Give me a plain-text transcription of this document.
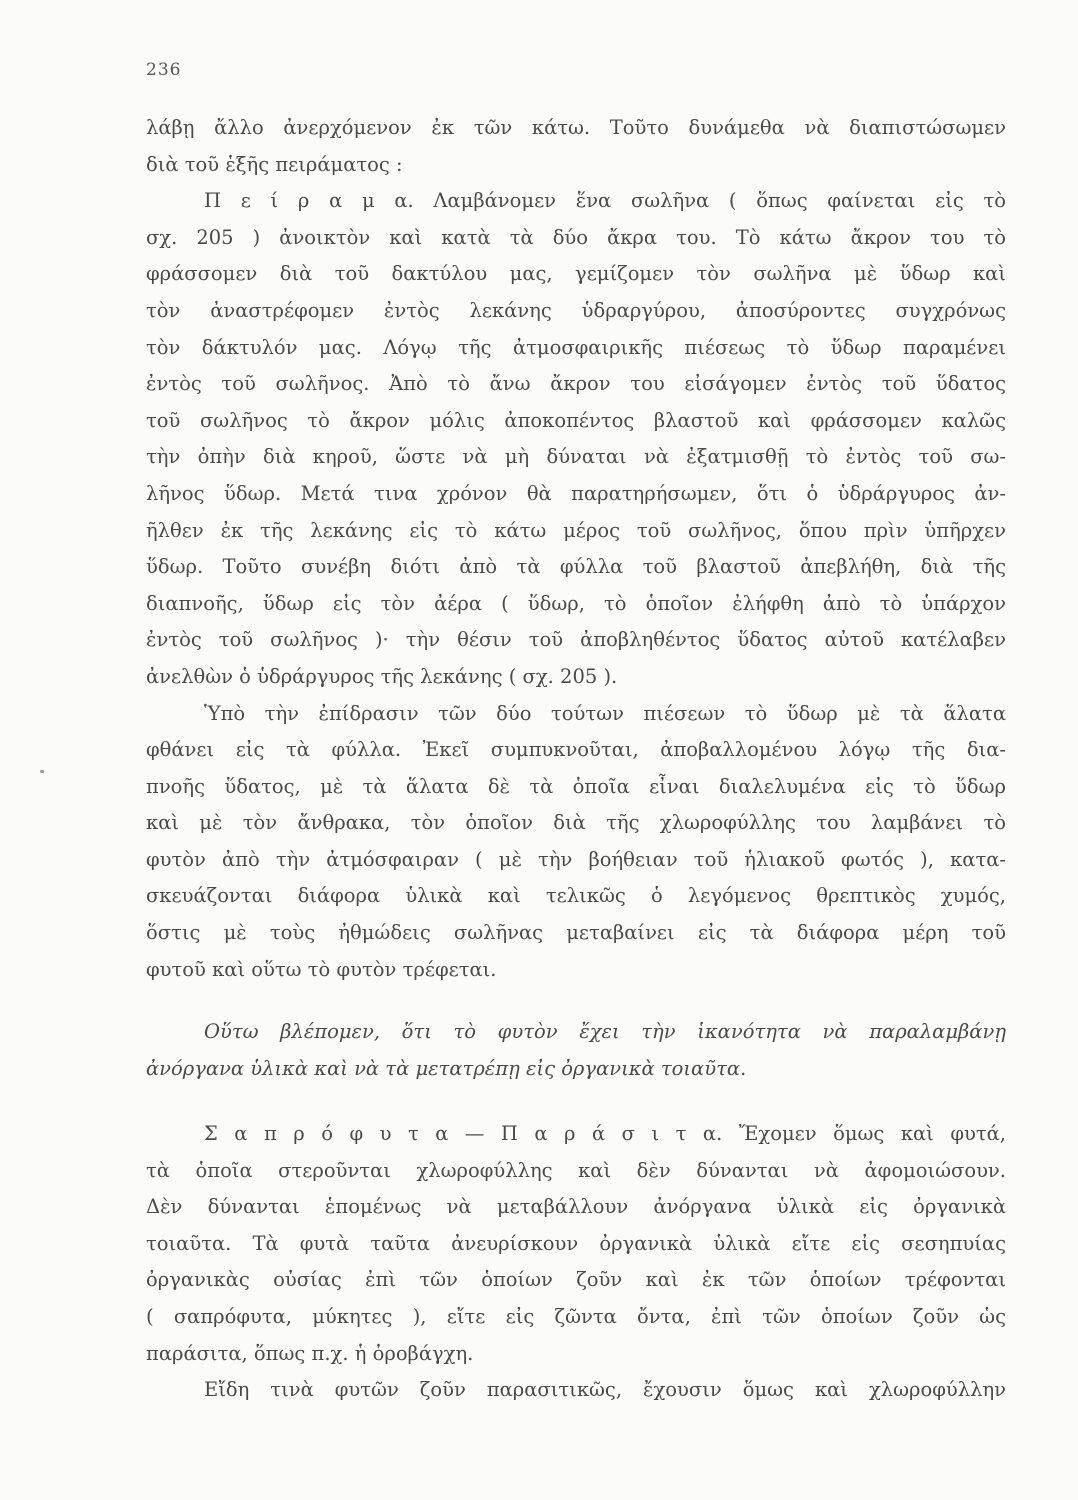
236
λάβῃ ἄλλο ἀνερχόμενον ἐκ τῶν κάτω. Τοῦτο δυνάμεθα νὰ διαπιστώσωμεν
διὰ τοῦ ἑξῆς πειράματος :
Π ε ί ρ α μ α. Λαμβάνομεν ἕνα σωλῆνα ( ὅπως φαίνεται εἰς τὸ
σχ. 205 ) ἀνοικτὸν καὶ κατὰ τὰ δύο ἄκρα του. Τὸ κάτω ἄκρον του τὸ
φράσσομεν διὰ τοῦ δακτύλου μας, γεμίζομεν τὸν σωλῆνα μὲ ὕδωρ καὶ
τὸν ἀναστρέφομεν ἐντὸς λεκάνης ὑδραργύρου, ἀποσύροντες συγχρόνως
τὸν δάκτυλόν μας. Λόγῳ τῆς ἀτμοσφαιρικῆς πιέσεως τὸ ὕδωρ παραμένει
ἐντὸς τοῦ σωλῆνος. Ἀπὸ τὸ ἄνω ἄκρον του εἰσάγομεν ἐντὸς τοῦ ὕδατος
τοῦ σωλῆνος τὸ ἄκρον μόλις ἀποκοπέντος βλαστοῦ καὶ φράσσομεν καλῶς
τὴν ὀπὴν διὰ κηροῦ, ὥστε νὰ μὴ δύναται νὰ ἐξατμισθῇ τὸ ἐντὸς τοῦ σω-
λῆνος ὕδωρ. Μετά τινα χρόνον θὰ παρατηρήσωμεν, ὅτι ὁ ὑδράργυρος ἀν-
ῆλθεν ἐκ τῆς λεκάνης εἰς τὸ κάτω μέρος τοῦ σωλῆνος, ὅπου πρὶν ὑπῆρχεν
ὕδωρ. Τοῦτο συνέβη διότι ἀπὸ τὰ φύλλα τοῦ βλαστοῦ ἀπεβλήθη, διὰ τῆς
διαπνοῆς, ὕδωρ εἰς τὸν ἀέρα ( ὕδωρ, τὸ ὁποῖον ἐλήφθη ἀπὸ τὸ ὑπάρχον
ἐντὸς τοῦ σωλῆνος )· τὴν θέσιν τοῦ ἀποβληθέντος ὕδατος αὐτοῦ κατέλαβεν
ἀνελθὼν ὁ ὑδράργυρος τῆς λεκάνης ( σχ. 205 ).
Ὑπὸ τὴν ἐπίδρασιν τῶν δύο τούτων πιέσεων τὸ ὕδωρ μὲ τὰ ἅλατα
φθάνει εἰς τὰ φύλλα. Ἐκεῖ συμπυκνοῦται, ἀποβαλλομένου λόγῳ τῆς δια-
πνοῆς ὕδατος, μὲ τὰ ἅλατα δὲ τὰ ὁποῖα εἶναι διαλελυμένα εἰς τὸ ὕδωρ
καὶ μὲ τὸν ἄνθρακα, τὸν ὁποῖον διὰ τῆς χλωροφύλλης του λαμβάνει τὸ
φυτὸν ἀπὸ τὴν ἀτμόσφαιραν ( μὲ τὴν βοήθειαν τοῦ ἡλιακοῦ φωτός ), κατα-
σκευάζονται διάφορα ὑλικὰ καὶ τελικῶς ὁ λεγόμενος θρεπτικὸς χυμός,
ὅστις μὲ τοὺς ἠθμώδεις σωλῆνας μεταβαίνει εἰς τὰ διάφορα μέρη τοῦ
φυτοῦ καὶ οὕτω τὸ φυτὸν τρέφεται.
Οὕτω βλέπομεν, ὅτι τὸ φυτὸν ἔχει τὴν ἱκανότητα νὰ παραλαμβάνῃ
ἀνόργανα ὑλικὰ καὶ νὰ τὰ μετατρέπῃ εἰς ὀργανικὰ τοιαῦτα.
Σ α π ρ ό φ υ τ α — Π α ρ ά σ ι τ α. Ἔχομεν ὅμως καὶ φυτά,
τὰ ὁποῖα στεροῦνται χλωροφύλλης καὶ δὲν δύνανται νὰ ἀφομοιώσουν.
Δὲν δύνανται ἑπομένως νὰ μεταβάλλουν ἀνόργανα ὑλικὰ εἰς ὀργανικὰ
τοιαῦτα. Τὰ φυτὰ ταῦτα ἀνευρίσκουν ὀργανικὰ ὑλικὰ εἴτε εἰς σεσηπυίας
ὀργανικὰς οὐσίας ἐπὶ τῶν ὁποίων ζοῦν καὶ ἐκ τῶν ὁποίων τρέφονται
( σαπρόφυτα, μύκητες ), εἴτε εἰς ζῶντα ὄντα, ἐπὶ τῶν ὁποίων ζοῦν ὡς
παράσιτα, ὅπως π.χ. ἡ ὀροβάγχη.
Εἴδη τινὰ φυτῶν ζοῦν παρασιτικῶς, ἔχουσιν ὅμως καὶ χλωροφύλλην
